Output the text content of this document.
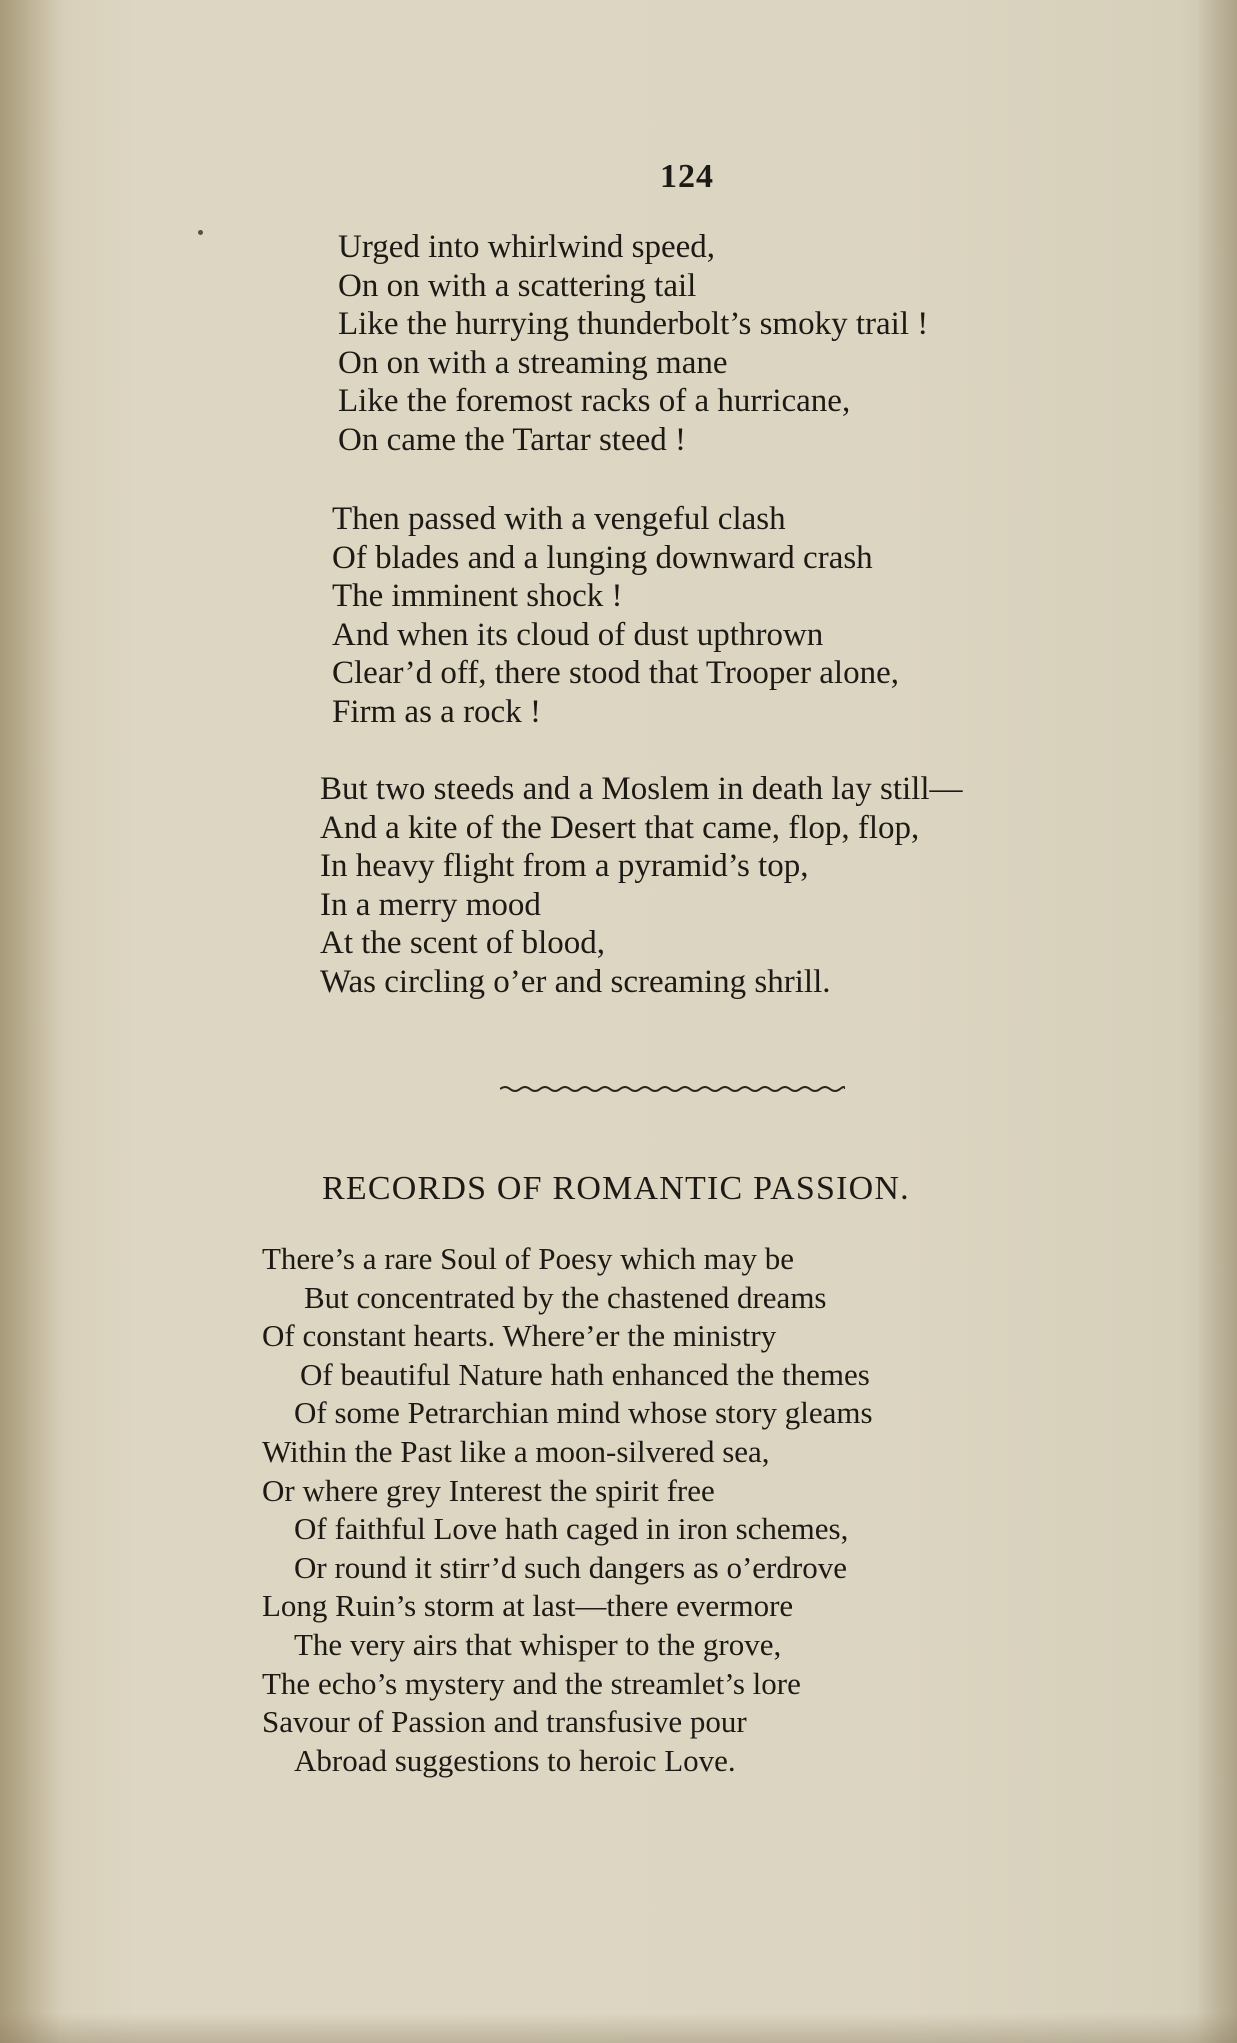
124
Urged into whirlwind speed,
On on with a scattering tail
Like the hurrying thunderbolt’s smoky trail !
On on with a streaming mane
Like the foremost racks of a hurricane,
On came the Tartar steed !
Then passed with a vengeful clash
Of blades and a lunging downward crash
The imminent shock !
And when its cloud of dust upthrown
Clear’d off, there stood that Trooper alone,
Firm as a rock !
But two steeds and a Moslem in death lay still—
And a kite of the Desert that came, flop, flop,
In heavy flight from a pyramid’s top,
In a merry mood
At the scent of blood,
Was circling o’er and screaming shrill.
RECORDS OF ROMANTIC PASSION.
There’s a rare Soul of Poesy which may be
But concentrated by the chastened dreams
Of constant hearts. Where’er the ministry
Of beautiful Nature hath enhanced the themes
Of some Petrarchian mind whose story gleams
Within the Past like a moon-silvered sea,
Or where grey Interest the spirit free
Of faithful Love hath caged in iron schemes,
Or round it stirr’d such dangers as o’erdrove
Long Ruin’s storm at last—there evermore
The very airs that whisper to the grove,
The echo’s mystery and the streamlet’s lore
Savour of Passion and transfusive pour
Abroad suggestions to heroic Love.
